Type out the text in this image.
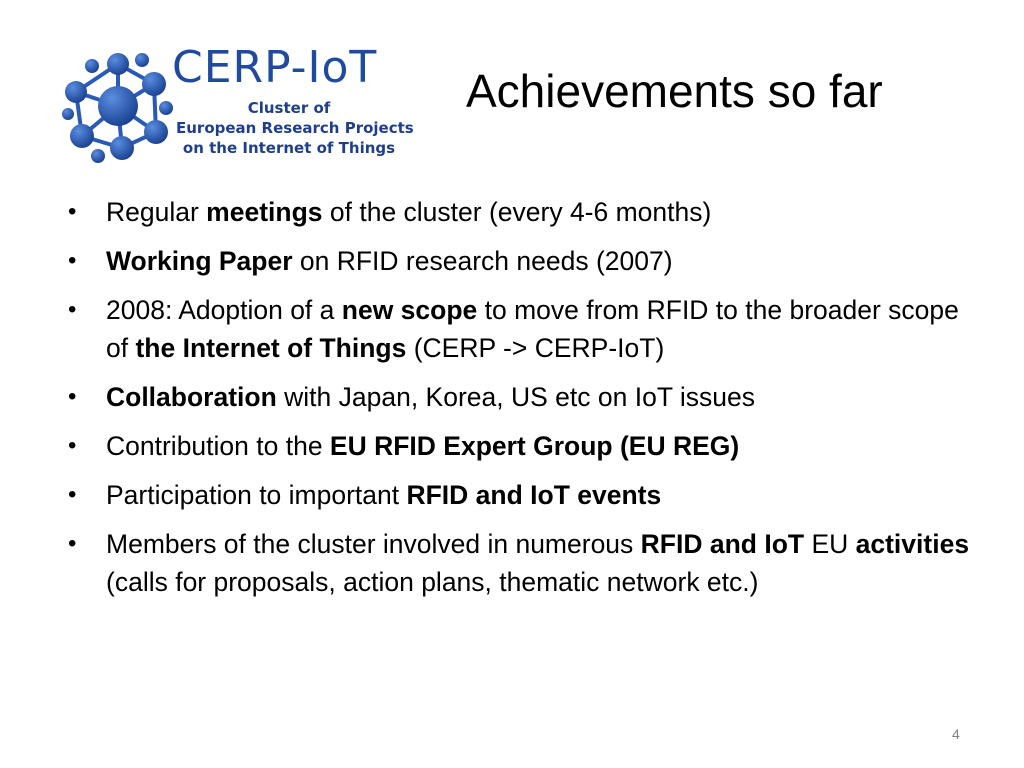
CERP-IoT
Cluster of
European Research Projects
on the Internet of Things
Achievements so far
• Regular meetings of the cluster (every 4-6 months)
• Working Paper on RFID research needs (2007)
• 2008: Adoption of a new scope to move from RFID to the broader scope of the Internet of Things (CERP -> CERP-IoT)
• Collaboration with Japan, Korea, US etc on IoT issues
• Contribution to the EU RFID Expert Group (EU REG)
• Participation to important RFID and IoT events
• Members of the cluster involved in numerous RFID and IoT EU activities (calls for proposals, action plans, thematic network etc.)
4
